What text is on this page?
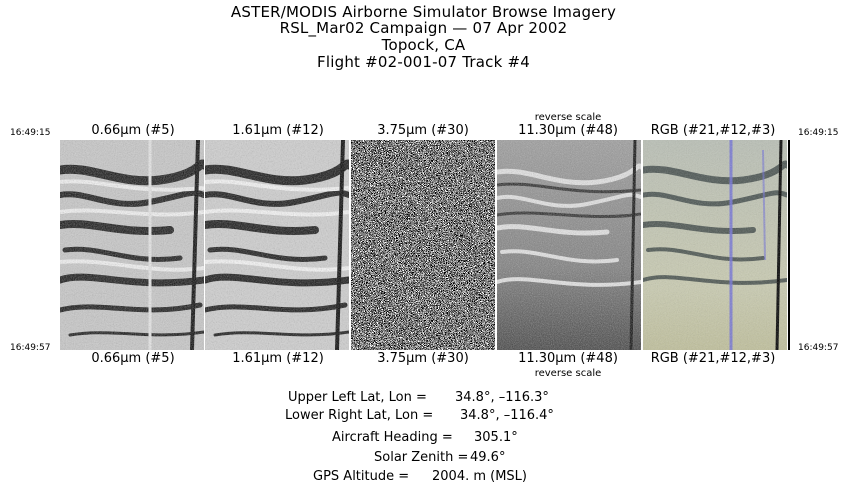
ASTER/MODIS Airborne Simulator Browse Imagery
RSL_Mar02 Campaign — 07 Apr 2002
Topock, CA
Flight #02-001-07 Track #4
16:49:15
16:49:57
16:49:15
16:49:57
reverse scale
reverse scale
0.66µm (#5)	1.61µm (#12)	3.75µm (#30)	11.30µm (#48)	RGB (#21,#12,#3)
0.66µm (#5)	1.61µm (#12)	3.75µm (#30)	11.30µm (#48)	RGB (#21,#12,#3)
Upper Left Lat, Lon = 34.8°, –116.3°
Lower Right Lat, Lon = 34.8°, –116.4°
Aircraft Heading = 305.1°
Solar Zenith = 49.6°
GPS Altitude = 2004. m (MSL)
